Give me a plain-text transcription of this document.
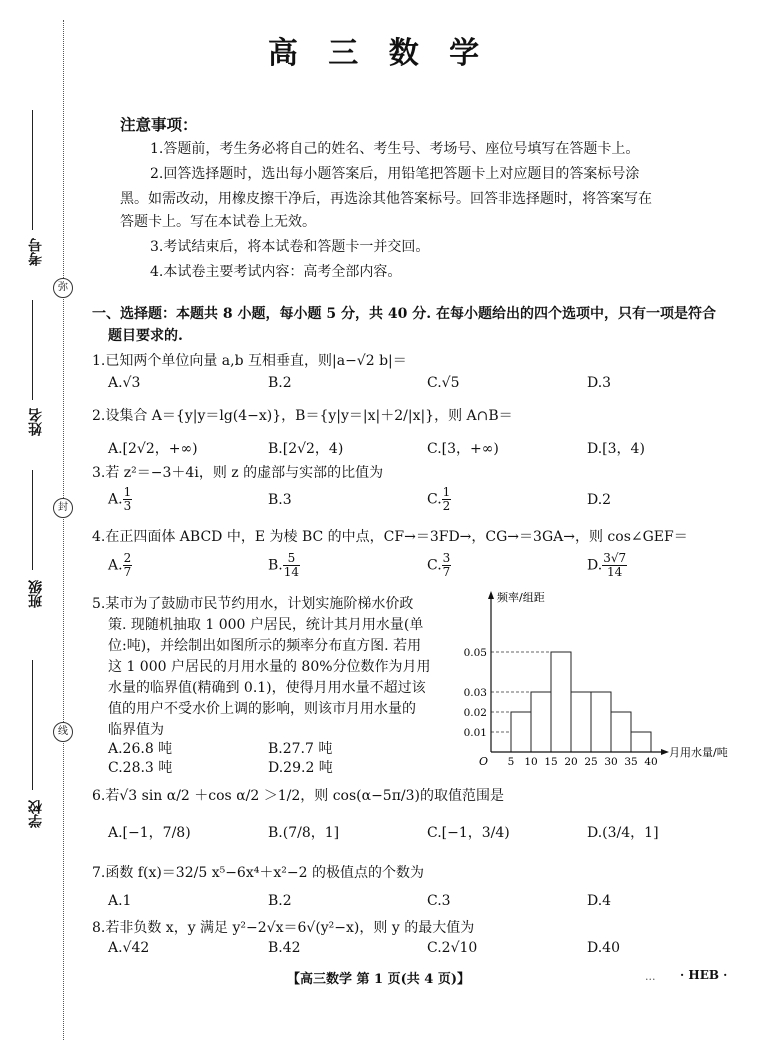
考号
弥
姓名
封
班级
线
学校
高 三 数 学
注意事项：
1.答题前，考生务必将自己的姓名、考生号、考场号、座位号填写在答题卡上。
2.回答选择题时，选出每小题答案后，用铅笔把答题卡上对应题目的答案标号涂
黑。如需改动，用橡皮擦干净后，再选涂其他答案标号。回答非选择题时，将答案写在
答题卡上。写在本试卷上无效。
3.考试结束后，将本试卷和答题卡一并交回。
4.本试卷主要考试内容：高考全部内容。
一、选择题：本题共 8 小题，每小题 5 分，共 40 分. 在每小题给出的四个选项中，只有一项是符合
题目要求的.
1.已知两个单位向量 a,b 互相垂直，则|a−√2 b|＝
A.√3	B.2	C.√5	D.3
2.设集合 A＝{y|y＝lg(4−x)}，B＝{y|y＝|x|＋2/|x|}，则 A∩B＝
A.[2√2，+∞)	B.[2√2，4)	C.[3，+∞)	D.[3，4)
3.若 z²＝−3＋4i，则 z 的虚部与实部的比值为
A. $\frac{1}{3}$	B.3	C. $\frac{1}{2}$	D.2
4.在正四面体 ABCD 中，E 为棱 BC 的中点，CF→＝3FD→，CG→＝3GA→，则 cos∠GEF＝
A. $\frac{2}{7}$	B. $\frac{5}{14}$	C. $\frac{3}{7}$	D. $\frac{3√7}{14}$
5.某市为了鼓励市民节约用水，计划实施阶梯水价政
策. 现随机抽取 1 000 户居民，统计其月用水量(单
位:吨)，并绘制出如图所示的频率分布直方图. 若用
这 1 000 户居民的月用水量的 80%分位数作为月用
水量的临界值(精确到 0.1)，使得月用水量不超过该
值的用户不受水价上调的影响，则该市月用水量的
临界值为
A.26.8 吨	B.27.7 吨
C.28.3 吨	D.29.2 吨
频率/组距
月用水量/吨
O 5 10 15 20 25 30 35 40
0.01
0.02
0.03
0.05
6.若√3 sin α/2 ＋cos α/2 ＞1/2，则 cos(α−5π/3)的取值范围是
A.[−1，7/8)	B.(7/8，1]	C.[−1，3/4)	D.(3/4，1]
7.函数 f(x)＝32/5 x⁵−6x⁴＋x²−2 的极值点的个数为
A.1	B.2	C.3	D.4
8.若非负数 x，y 满足 y²−2√x＝6√(y²−x)，则 y 的最大值为
A.√42	B.42	C.2√10	D.40
【高三数学 第 1 页(共 4 页)】	... · HEB ·
